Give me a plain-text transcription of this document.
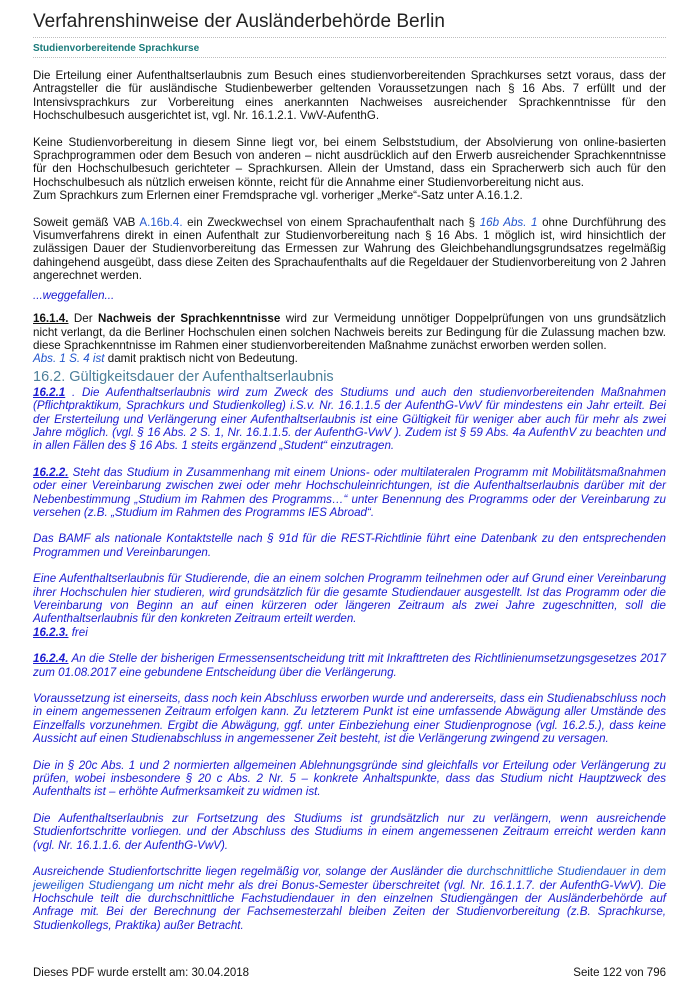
Verfahrenshinweise der Ausländerbehörde Berlin
Studienvorbereitende Sprachkurse

Die Erteilung einer Aufenthaltserlaubnis zum Besuch eines studienvorbereitenden Sprachkurses setzt voraus, dass der Antragsteller die für ausländische Studienbewerber geltenden Voraussetzungen nach § 16 Abs. 7 erfüllt und der Intensivsprachkurs zur Vorbereitung eines anerkannten Nachweises ausreichender Sprachkenntnisse für den Hochschulbesuch ausgerichtet ist, vgl. Nr. 16.1.2.1. VwV-AufenthG.

Keine Studienvorbereitung in diesem Sinne liegt vor, bei einem Selbststudium, der Absolvierung von online-basierten Sprachprogrammen oder dem Besuch von anderen – nicht ausdrücklich auf den Erwerb ausreichender Sprachkenntnisse für den Hochschulbesuch gerichteter – Sprachkursen. Allein der Umstand, dass ein Spracherwerb sich auch für den Hochschulbesuch als nützlich erweisen könnte, reicht für die Annahme einer Studienvorbereitung nicht aus.

Zum Sprachkurs zum Erlernen einer Fremdsprache vgl. vorheriger „Merke“-Satz unter A.16.1.2.

Soweit gemäß VAB A.16b.4. ein Zweckwechsel von einem Sprachaufenthalt nach § 16b Abs. 1 ohne Durchführung des Visumverfahrens direkt in einen Aufenthalt zur Studienvorbereitung nach § 16 Abs. 1 möglich ist, wird hinsichtlich der zulässigen Dauer der Studienvorbereitung das Ermessen zur Wahrung des Gleichbehandlungsgrundsatzes regelmäßig dahingehend ausgeübt, dass diese Zeiten des Sprachaufenthalts auf die Regeldauer der Studienvorbereitung von 2 Jahren angerechnet werden.

...weggefallen...

16.1.4. Der Nachweis der Sprachkenntnisse wird zur Vermeidung unnötiger Doppelprüfungen von uns grundsätzlich nicht verlangt, da die Berliner Hochschulen einen solchen Nachweis bereits zur Bedingung für die Zulassung machen bzw. diese Sprachkenntnisse im Rahmen einer studienvorbereitenden Maßnahme zunächst erworben werden sollen.
Abs. 1 S. 4 ist damit praktisch nicht von Bedeutung.

16.2. Gültigkeitsdauer der Aufenthaltserlaubnis

16.2.1 . Die Aufenthaltserlaubnis wird zum Zweck des Studiums und auch den studienvorbereitenden Maßnahmen (Pflichtpraktikum, Sprachkurs und Studienkolleg) i.S.v. Nr. 16.1.1.5 der AufenthG-VwV für mindestens ein Jahr erteilt. Bei der Ersterteilung und Verlängerung einer Aufenthaltserlaubnis ist eine Gültigkeit für weniger aber auch für mehr als zwei Jahre möglich. (vgl. § 16 Abs. 2 S. 1, Nr. 16.1.1.5. der AufenthG-VwV ). Zudem ist § 59 Abs. 4a AufenthV zu beachten und in allen Fällen des § 16 Abs. 1 steits ergänzend „Student“ einzutragen.

16.2.2. Steht das Studium in Zusammenhang mit einem Unions- oder multilateralen Programm mit Mobilitätsmaßnahmen oder einer Vereinbarung zwischen zwei oder mehr Hochschuleinrichtungen, ist die Aufenthaltserlaubnis darüber mit der Nebenbestimmung „Studium im Rahmen des Programms…“ unter Benennung des Programms oder der Vereinbarung zu versehen (z.B. „Studium im Rahmen des Programms IES Abroad“.

Das BAMF als nationale Kontaktstelle nach § 91d für die REST-Richtlinie führt eine Datenbank zu den entsprechenden Programmen und Vereinbarungen.

Eine Aufenthaltserlaubnis für Studierende, die an einem solchen Programm teilnehmen oder auf Grund einer Vereinbarung ihrer Hochschulen hier studieren, wird grundsätzlich für die gesamte Studiendauer ausgestellt. Ist das Programm oder die Vereinbarung von Beginn an auf einen kürzeren oder längeren Zeitraum als zwei Jahre zugeschnitten, soll die Aufenthaltserlaubnis für den konkreten Zeitraum erteilt werden.

16.2.3. frei

16.2.4. An die Stelle der bisherigen Ermessensentscheidung tritt mit Inkrafttreten des Richtlinienumsetzungsgesetzes 2017 zum 01.08.2017 eine gebundene Entscheidung über die Verlängerung.

Voraussetzung ist einerseits, dass noch kein Abschluss erworben wurde und andererseits, dass ein Studienabschluss noch in einem angemessenen Zeitraum erfolgen kann. Zu letzterem Punkt ist eine umfassende Abwägung aller Umstände des Einzelfalls vorzunehmen. Ergibt die Abwägung, ggf. unter Einbeziehung einer Studienprognose (vgl. 16.2.5.), dass keine Aussicht auf einen Studienabschluss in angemessener Zeit besteht, ist die Verlängerung zwingend zu versagen.

Die in § 20c Abs. 1 und 2 normierten allgemeinen Ablehnungsgründe sind gleichfalls vor Erteilung oder Verlängerung zu prüfen, wobei insbesondere § 20 c Abs. 2 Nr. 5 – konkrete Anhaltspunkte, dass das Studium nicht Hauptzweck des Aufenthalts ist – erhöhte Aufmerksamkeit zu widmen ist.

Die Aufenthaltserlaubnis zur Fortsetzung des Studiums ist grundsätzlich nur zu verlängern, wenn ausreichende Studienfortschritte vorliegen. und der Abschluss des Studiums in einem angemessenen Zeitraum erreicht werden kann (vgl. Nr. 16.1.1.6. der AufenthG-VwV).

Ausreichende Studienfortschritte liegen regelmäßig vor, solange der Ausländer die durchschnittliche Studiendauer in dem jeweiligen Studiengang um nicht mehr als drei Bonus-Semester überschreitet (vgl. Nr. 16.1.1.7. der AufenthG-VwV). Die Hochschule teilt die durchschnittliche Fachstudiendauer in den einzelnen Studiengängen der Ausländerbehörde auf Anfrage mit. Bei der Berechnung der Fachsemesterzahl bleiben Zeiten der Studienvorbereitung (z.B. Sprachkurse, Studienkollegs, Praktika) außer Betracht.

Dieses PDF wurde erstellt am: 30.04.2018	Seite 122 von 796
